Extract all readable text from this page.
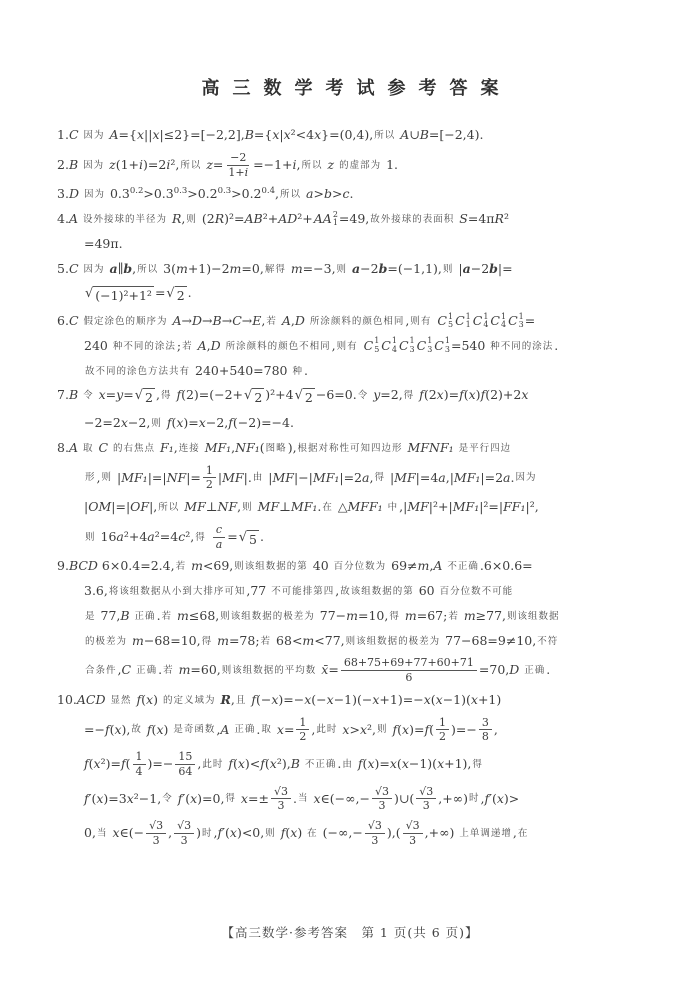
高三数学考试参考答案
1.C 因为 A={x||x|≤2}=[−2,2],B={x|x²<4x}=(0,4),所以 A∪B=[−2,4).
2.B 因为 z(1+i)=2i²,所以 $z= \frac{-2}{1+i} =-1+i$,所以 z 的虚部为 1.
3.D 因为 $0.3^{0.2}>0.3^{0.3}>0.2^{0.3}>0.2^{0.4}$,所以 a>b>c.
4.A 设外接球的半径为 R,则 (2R)²=AB²+AD²+ AA 2
1 =49,故外接球的表面积 S=4πR²
=49π.
5.C 因为 a∥b,所以 3(m+1)−2m=0,解得 m=−3,则 a−2b=(−1,1),则 |a−2b|=
√ (−1)²+1² = √ 2 .
6.C 假定涂色的顺序为 A→D→B→C→E,若 A,D 所涂颜料的颜色相同,则有 C 1
5 C 1
1 C 1
4 C 1
4 C 1
3 =
240 种不同的涂法;若 A,D 所涂颜料的颜色不相同,则有 C 1
5 C 1
4 C 1
3 C 1
3 C 1
3 =540 种不同的涂法.
故不同的涂色方法共有 240+540=780 种.
7.B 令 x=y= √ 2 ,得 f(2)=(−2+ √ 2 )²+4 √ 2 −6=0.令 y=2,得 f(2x)=f(x)f(2)+2x
−2=2x−2,则 f(x)=x−2,f(−2)=−4.
8.A 取 C 的右焦点 F₁,连接 MF₁,NF₁(图略),根据对称性可知四边形 MFNF₁ 是平行四边
形,则 $|MF_1|=|NF|= \frac{1}{2} |MF|$.由 |MF|−|MF₁|=2a,得 |MF|=4a,|MF₁|=2a.因为
|OM|=|OF|,所以 MF⊥NF,则 MF⊥MF₁.在 △MFF₁ 中,|MF|²+|MF₁|²=|FF₁|²,
则 16a²+4a²=4c²,得 $\frac{c}{a}$ = √ 5 .
9.BCD 6×0.4=2.4,若 m<69,则该组数据的第 40 百分位数为 69≠m,A 不正确.6×0.6=
3.6,将该组数据从小到大排序可知,77 不可能排第四,故该组数据的第 60 百分位数不可能
是 77,B 正确.若 m≤68,则该组数据的极差为 77−m=10,得 m=67;若 m≥77,则该组数据
的极差为 m−68=10,得 m=78;若 68<m<77,则该组数据的极差为 77−68=9≠10,不符
合条件,C 正确.若 m=60,则该组数据的平均数 x̄= $\frac{68+75+69+77+60+71}{6} =70,D$ 正确.
10.ACD 显然 f(x) 的定义域为 R,且 f(−x)=−x(−x−1)(−x+1)=−x(x−1)(x+1)
=−f(x),故 f(x) 是奇函数,A 正确.取 $x= \frac{1}{2}$ ,此时 x>x²,则 $f(x)=f( \frac{1}{2}$ )=− $\frac{3}{8}$ ,
$f(x^2)=f( \frac{1}{4}$ )=− $\frac{15}{64}$ ,此时 f(x)<f(x²),B 不正确.由 f(x)=x(x−1)(x+1),得
f′(x)=3x²−1,令 f′(x)=0,得 $x=\pm \frac{√3}{3}$ .当 x∈(−∞,− $\frac{√3}{3}$ )∪( $\frac{√3}{3}$ ,+∞)时,f′(x)>
0,当 x∈(− $\frac{√3}{3}$ , $\frac{√3}{3}$ )时,f′(x)<0,则 f(x) 在 (−∞,− $\frac{√3}{3}$ ),( $\frac{√3}{3}$ ,+∞) 上单调递增,在
【高三数学·参考答案　第 1 页(共 6 页)】
